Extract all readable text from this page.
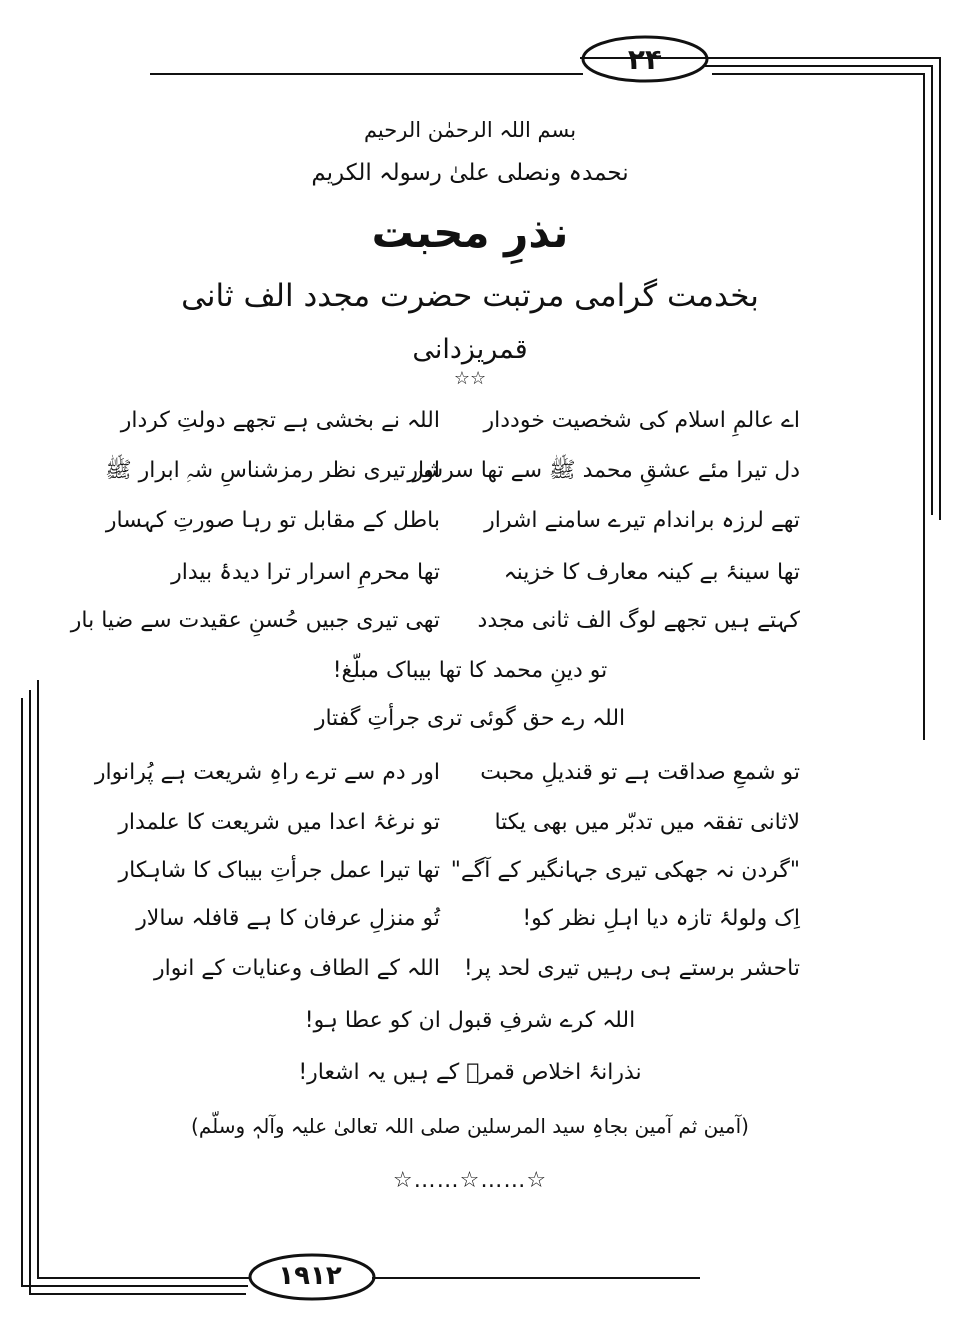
۲۴
۱۹۱۲
بسم اللہ الرحمٰن الرحیم
نحمدہ ونصلی علیٰ رسولہ الکریم
نذرِ محبت
بخدمت گرامی مرتبت حضرت مجدد الف ثانی
قمریزدانی
☆☆
اے عالمِ اسلام کی شخصیت خوددار
اللہ نے بخشی ہے تجھے دولتِ کردار
دل تیرا مئے عشقِ محمد ﷺ سے تھا سرشار
اور تیری نظر رمزشناسِ شہِ ابرار ﷺ
تھے لرزہ براندام تیرے سامنے اشرار
باطل کے مقابل تو رہا صورتِ کہسار
تھا سینۂ بے کینہ معارف کا خزینہ
تھا محرمِ اسرار ترا دیدۂ بیدار
کہتے ہیں تجھے لوگ الف ثانی مجدد
تھی تیری جبیں حُسنِ عقیدت سے ضیا بار
تو دینِ محمد کا تھا بیباک مبلّغ!
اللہ رے حق گوئی تری جرأتِ گفتار
تو شمعِ صداقت ہے تو قندیلِ محبت
اور دم سے ترے راہِ شریعت ہے پُرانوار
لاثانی تفقہ میں تدبّر میں بھی یکتا
تو نرغۂ اعدا میں شریعت کا علمدار
"گردن نہ جھکی تیری جہانگیر کے آگے"
تھا تیرا عمل جرأتِ بیباک کا شاہکار
اِک ولولۂ تازہ دیا اہلِ نظر کو!
تُو منزلِ عرفان کا ہے قافلہ سالار
تاحشر برستے ہی رہیں تیری لحد پر!
اللہ کے الطاف وعنایات کے انوار
اللہ کرے شرفِ قبول ان کو عطا ہو!
نذرانۂ اخلاص قمرؔ کے ہیں یہ اشعار!
(آمین ثم آمین بجاہِ سید المرسلین صلی اللہ تعالیٰ علیہ وآلہٖ وسلّم)
☆……☆……☆
